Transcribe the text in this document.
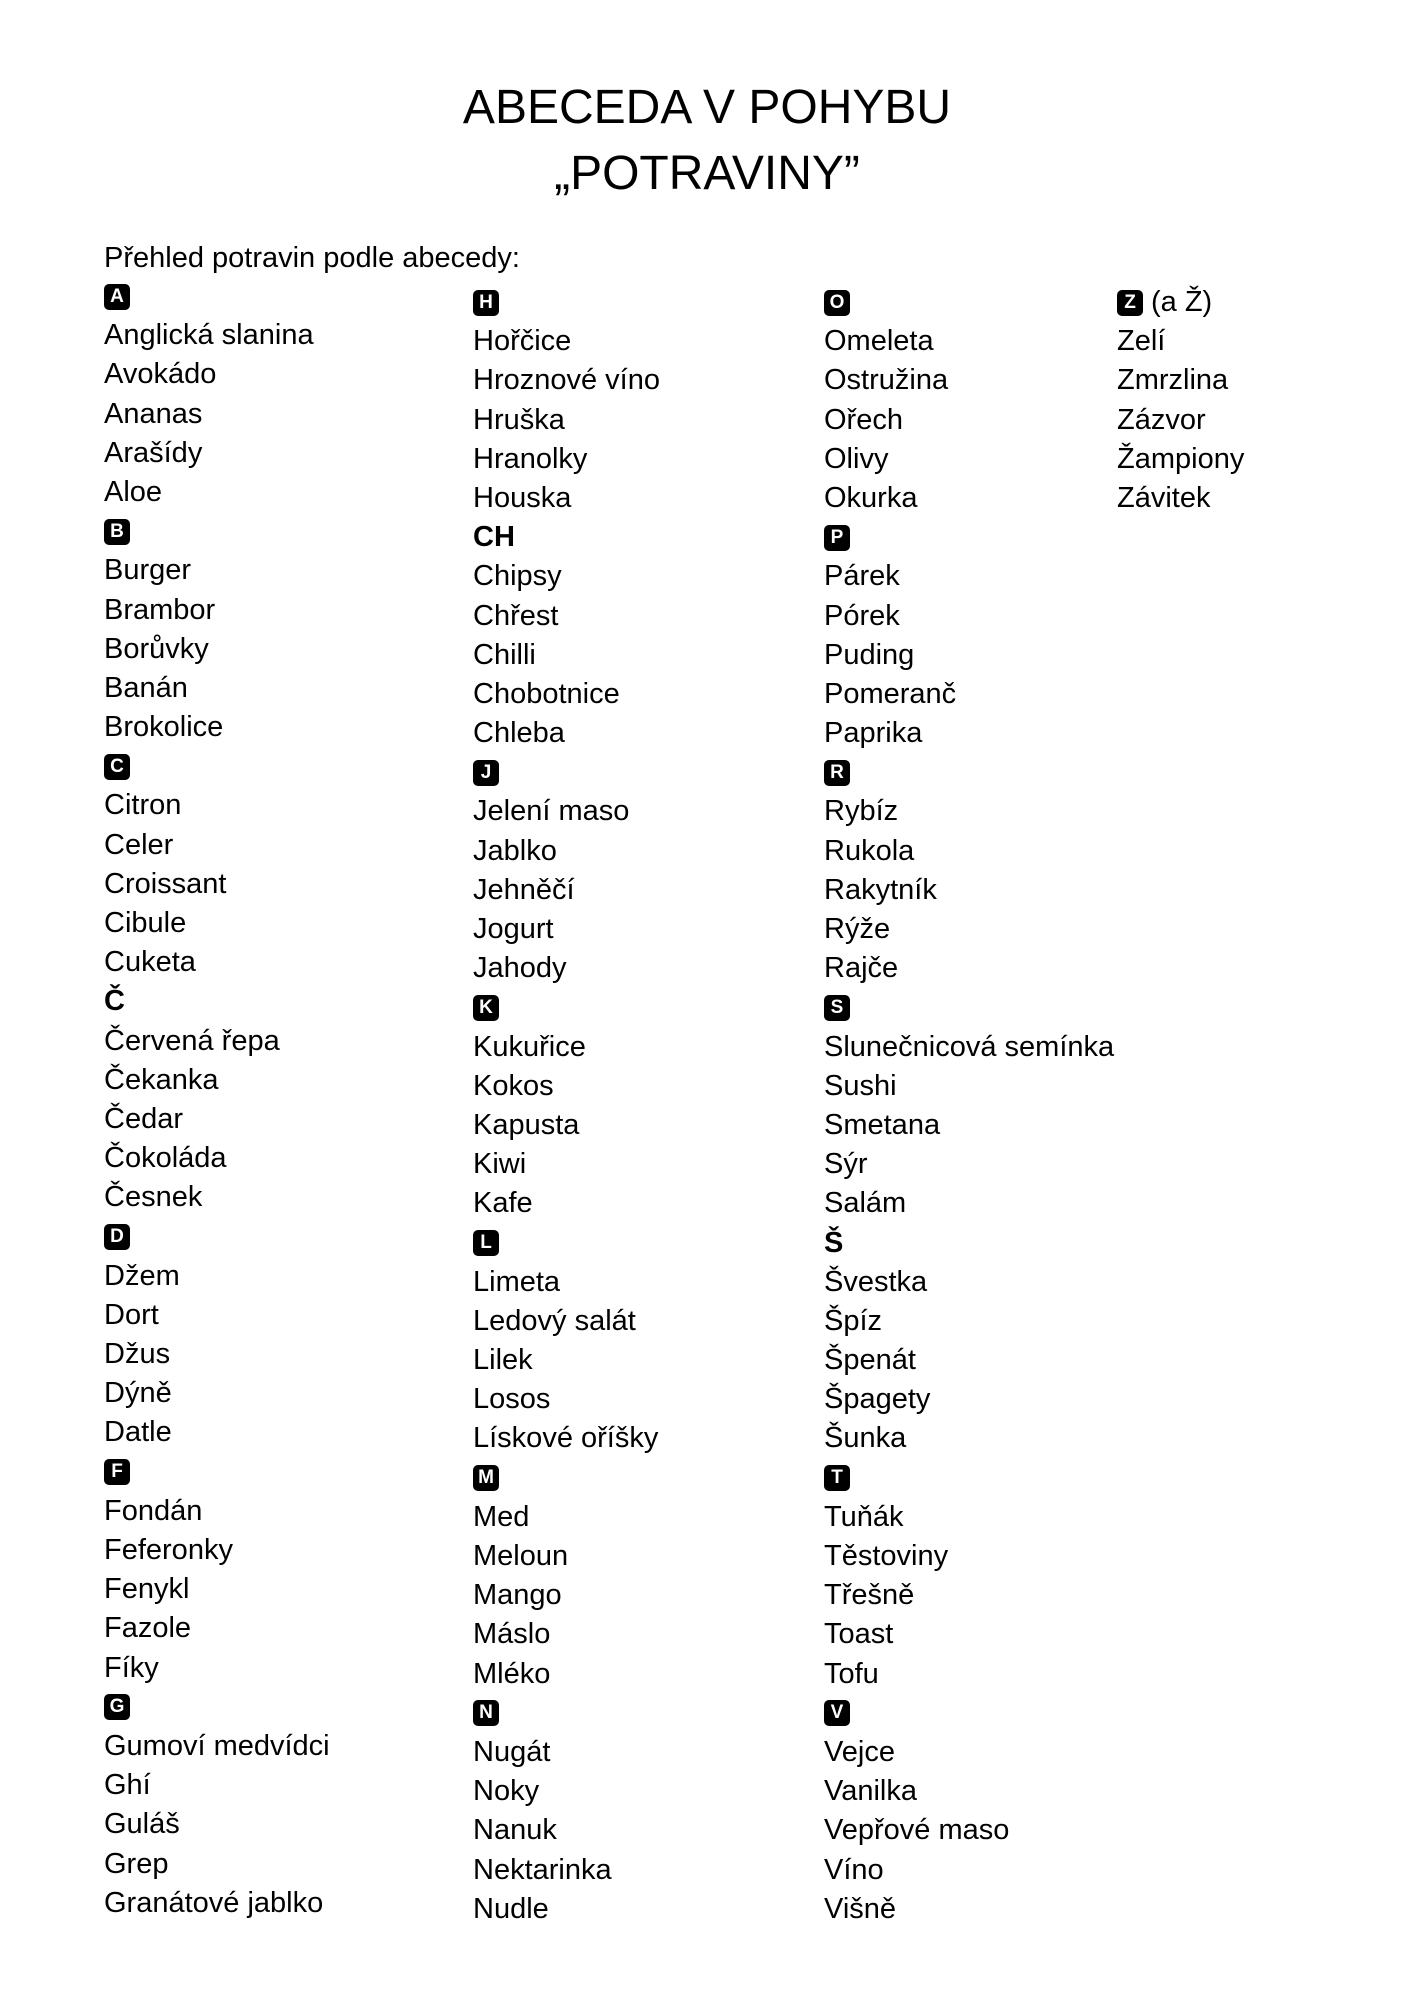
ABECEDA V POHYBU
„POTRAVINY”
Přehled potravin podle abecedy:
A
Anglická slanina
Avokádo
Ananas
Arašídy
Aloe
B
Burger
Brambor
Borůvky
Banán
Brokolice
C
Citron
Celer
Croissant
Cibule
Cuketa
Č
Červená řepa
Čekanka
Čedar
Čokoláda
Česnek
D
Džem
Dort
Džus
Dýně
Datle
F
Fondán
Feferonky
Fenykl
Fazole
Fíky
G
Gumoví medvídci
Ghí
Guláš
Grep
Granátové jablko
H
Hořčice
Hroznové víno
Hruška
Hranolky
Houska
CH
Chipsy
Chřest
Chilli
Chobotnice
Chleba
J
Jelení maso
Jablko
Jehněčí
Jogurt
Jahody
K
Kukuřice
Kokos
Kapusta
Kiwi
Kafe
L
Limeta
Ledový salát
Lilek
Losos
Lískové oříšky
M
Med
Meloun
Mango
Máslo
Mléko
N
Nugát
Noky
Nanuk
Nektarinka
Nudle
O
Omeleta
Ostružina
Ořech
Olivy
Okurka
P
Párek
Pórek
Puding
Pomeranč
Paprika
R
Rybíz
Rukola
Rakytník
Rýže
Rajče
S
Slunečnicová semínka
Sushi
Smetana
Sýr
Salám
Š
Švestka
Špíz
Špenát
Špagety
Šunka
T
Tuňák
Těstoviny
Třešně
Toast
Tofu
V
Vejce
Vanilka
Vepřové maso
Víno
Višně
Z (a Ž)
Zelí
Zmrzlina
Zázvor
Žampiony
Závitek
